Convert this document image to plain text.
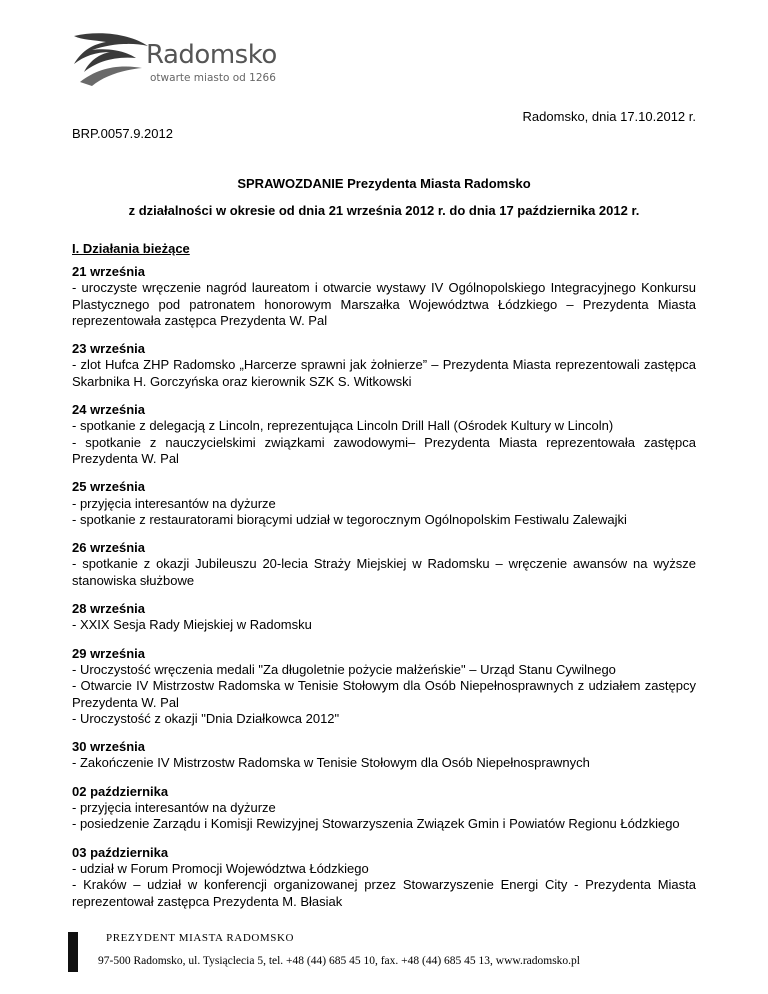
Radomsko
otwarte miasto od 1266
Radomsko, dnia 17.10.2012 r.
BRP.0057.9.2012
SPRAWOZDANIE Prezydenta Miasta Radomsko
z działalności w okresie od dnia 21 września 2012 r. do dnia 17 października 2012 r.
I. Działania bieżące
21 września
- uroczyste wręczenie nagród laureatom i otwarcie wystawy IV Ogólnopolskiego Integracyjnego Konkursu Plastycznego pod patronatem honorowym Marszałka Województwa Łódzkiego – Prezydenta Miasta reprezentowała zastępca Prezydenta W. Pal
23 września
- zlot Hufca ZHP Radomsko „Harcerze sprawni jak żołnierze” – Prezydenta Miasta reprezentowali zastępca Skarbnika H. Gorczyńska oraz kierownik SZK S. Witkowski
24 września
- spotkanie z delegacją z Lincoln, reprezentująca Lincoln Drill Hall (Ośrodek Kultury w Lincoln)
- spotkanie z nauczycielskimi związkami zawodowymi– Prezydenta Miasta reprezentowała zastępca Prezydenta W. Pal
25 września
- przyjęcia interesantów na dyżurze
- spotkanie z restauratorami biorącymi udział w tegorocznym Ogólnopolskim Festiwalu Zalewajki
26 września
- spotkanie z okazji Jubileuszu 20-lecia Straży Miejskiej w Radomsku – wręczenie awansów na wyższe stanowiska służbowe
28 września
- XXIX Sesja Rady Miejskiej w Radomsku
29 września
- Uroczystość wręczenia medali "Za długoletnie pożycie małżeńskie" – Urząd Stanu Cywilnego
- Otwarcie IV Mistrzostw Radomska w Tenisie Stołowym dla Osób Niepełnosprawnych z udziałem zastępcy Prezydenta W. Pal
- Uroczystość z okazji "Dnia Działkowca 2012"
30 września
- Zakończenie IV Mistrzostw Radomska w Tenisie Stołowym dla Osób Niepełnosprawnych
02 października
- przyjęcia interesantów na dyżurze
- posiedzenie Zarządu i Komisji Rewizyjnej Stowarzyszenia Związek Gmin i Powiatów Regionu Łódzkiego
03 października
- udział w Forum Promocji Województwa Łódzkiego
- Kraków – udział w konferencji organizowanej przez Stowarzyszenie Energi City - Prezydenta Miasta reprezentował zastępca Prezydenta M. Błasiak
PREZYDENT MIASTA RADOMSKO
97-500 Radomsko, ul. Tysiąclecia 5, tel. +48 (44) 685 45 10, fax. +48 (44) 685 45 13, www.radomsko.pl
